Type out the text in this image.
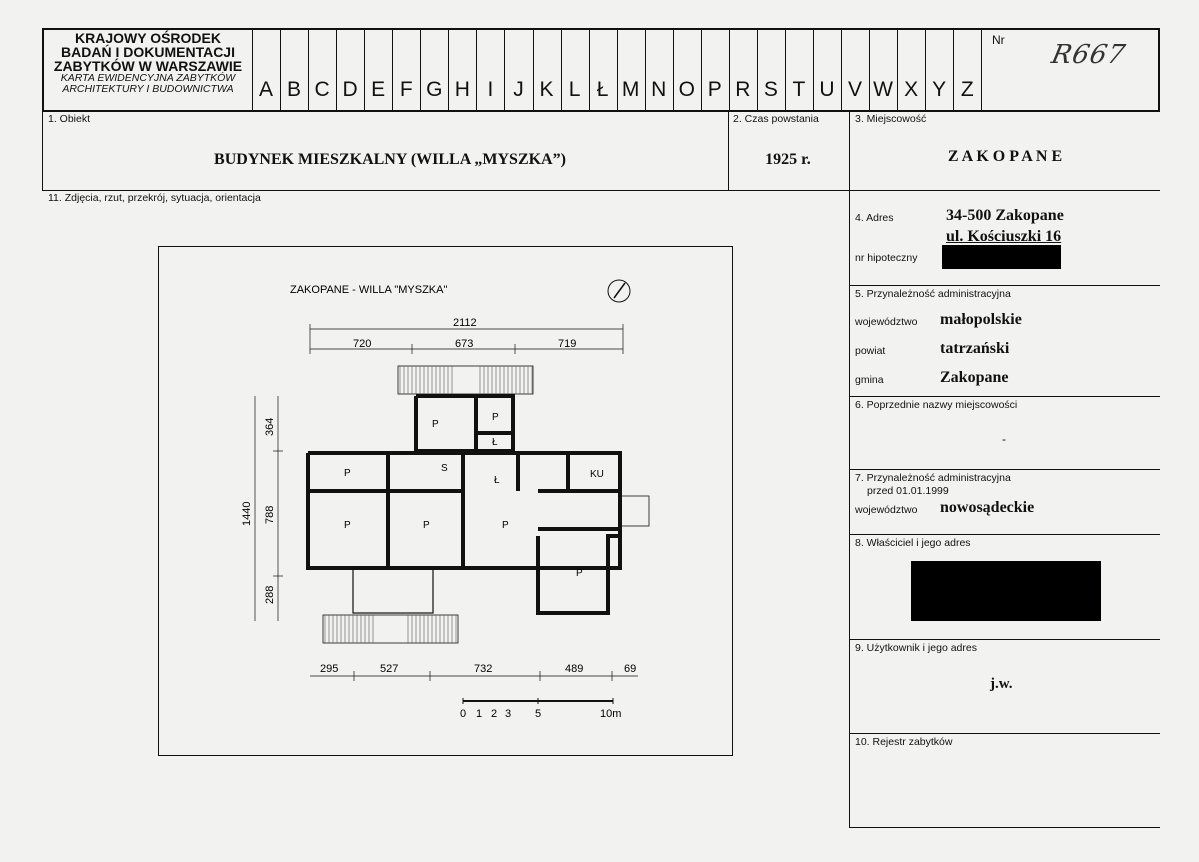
KRAJOWY OŚRODEK
BADAŃ I DOKUMENTACJI
ZABYTKÓW W WARSZAWIE
KARTA EWIDENCYJNA ZABYTKÓW
ARCHITEKTURY I BUDOWNICTWA	A B C D E F G H I J K L Ł M N O P R S T U V W X Y Z
Nr R667
1. Obiekt
BUDYNEK MIESZKALNY (WILLA „MYSZKA”)
2. Czas powstania
1925 r.
3. Miejscowość
Z A K O P A N E
11. Zdjęcia, rzut, przekrój, sytuacja, orientacja
4. Adres	34-500 Zakopane
ul. Kościuszki 16
nr hipoteczny
5. Przynależność administracyjna
województwo małopolskie
powiat	tatrzański
gmina	Zakopane
6. Poprzednie nazwy miejscowości
-
7. Przynależność administracyjna
przed 01.01.1999
województwo nowosądeckie
8. Właściciel i jego adres
9. Użytkownik i jego adres
j.w.
10. Rejestr zabytków
ZAKOPANE - WILLA "MYSZKA"
2112
720	673	719
1440
364
788
288
295	527	732	489	69
0 1 2 3 5	10m
P
P
Ł
P	S
Ł
KU
P	P	P
P
